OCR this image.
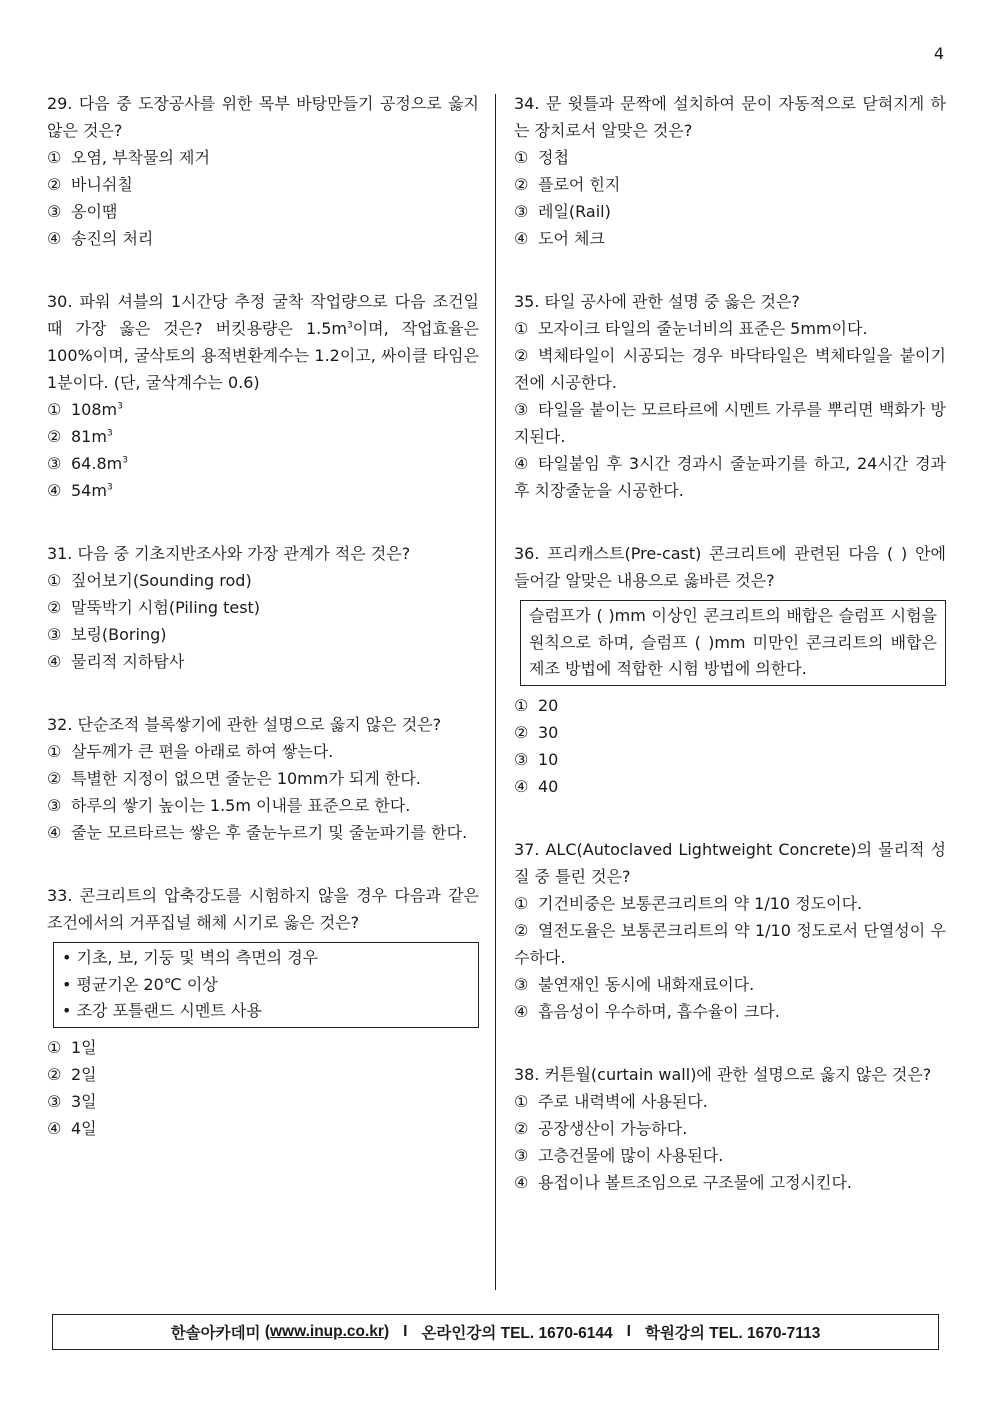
4
29. 다음 중 도장공사를 위한 목부 바탕만들기 공정으로 옳지 않은 것은?
① 오염, 부착물의 제거
② 바니쉬칠
③ 옹이땜
④ 송진의 처리
30. 파워 셔블의 1시간당 추정 굴착 작업량으로 다음 조건일 때 가장 옳은 것은? 버킷용량은 $1.5m^3$이며, 작업효율은 100%이며, 굴삭토의 용적변환계수는 1.2이고, 싸이클 타임은 1분이다. (단, 굴삭계수는 0.6)
① $108m^3$
② $81m^3$
③ $64.8m^3$
④ $54m^3$
31. 다음 중 기초지반조사와 가장 관계가 적은 것은?
① 짚어보기(Sounding rod)
② 말뚝박기 시험(Piling test)
③ 보링(Boring)
④ 물리적 지하탐사
32. 단순조적 블록쌓기에 관한 설명으로 옳지 않은 것은?
① 살두께가 큰 편을 아래로 하여 쌓는다.
② 특별한 지정이 없으면 줄눈은 10mm가 되게 한다.
③ 하루의 쌓기 높이는 1.5m 이내를 표준으로 한다.
④ 줄눈 모르타르는 쌓은 후 줄눈누르기 및 줄눈파기를 한다.
33. 콘크리트의 압축강도를 시험하지 않을 경우 다음과 같은 조건에서의 거푸집널 해체 시기로 옳은 것은?
• 기초, 보, 기둥 및 벽의 측면의 경우
• 평균기온 20℃ 이상
• 조강 포틀랜드 시멘트 사용
① 1일
② 2일
③ 3일
④ 4일
34. 문 윗틀과 문짝에 설치하여 문이 자동적으로 닫혀지게 하는 장치로서 알맞은 것은?
① 정첩
② 플로어 힌지
③ 레일(Rail)
④ 도어 체크
35. 타일 공사에 관한 설명 중 옳은 것은?
① 모자이크 타일의 줄눈너비의 표준은 5mm이다.
② 벽체타일이 시공되는 경우 바닥타일은 벽체타일을 붙이기 전에 시공한다.
③ 타일을 붙이는 모르타르에 시멘트 가루를 뿌리면 백화가 방지된다.
④ 타일붙임 후 3시간 경과시 줄눈파기를 하고, 24시간 경과 후 치장줄눈을 시공한다.
36. 프리캐스트(Pre-cast) 콘크리트에 관련된 다음 ( ) 안에 들어갈 알맞은 내용으로 옳바른 것은?
슬럼프가 ( )mm 이상인 콘크리트의 배합은 슬럼프 시험을 원칙으로 하며, 슬럼프 ( )mm 미만인 콘크리트의 배합은 제조 방법에 적합한 시험 방법에 의한다.
① 20
② 30
③ 10
④ 40
37. ALC(Autoclaved Lightweight Concrete)의 물리적 성질 중 틀린 것은?
① 기건비중은 보통콘크리트의 약 1/10 정도이다.
② 열전도율은 보통콘크리트의 약 1/10 정도로서 단열성이 우수하다.
③ 불연재인 동시에 내화재료이다.
④ 흡음성이 우수하며, 흡수율이 크다.
38. 커튼월(curtain wall)에 관한 설명으로 옳지 않은 것은?
① 주로 내력벽에 사용된다.
② 공장생산이 가능하다.
③ 고층건물에 많이 사용된다.
④ 용접이나 볼트조임으로 구조물에 고정시킨다.
한솔아카데미 ( www.inup.co.kr ) I 온라인강의 TEL. 1670-6144 I 학원강의 TEL. 1670-7113
